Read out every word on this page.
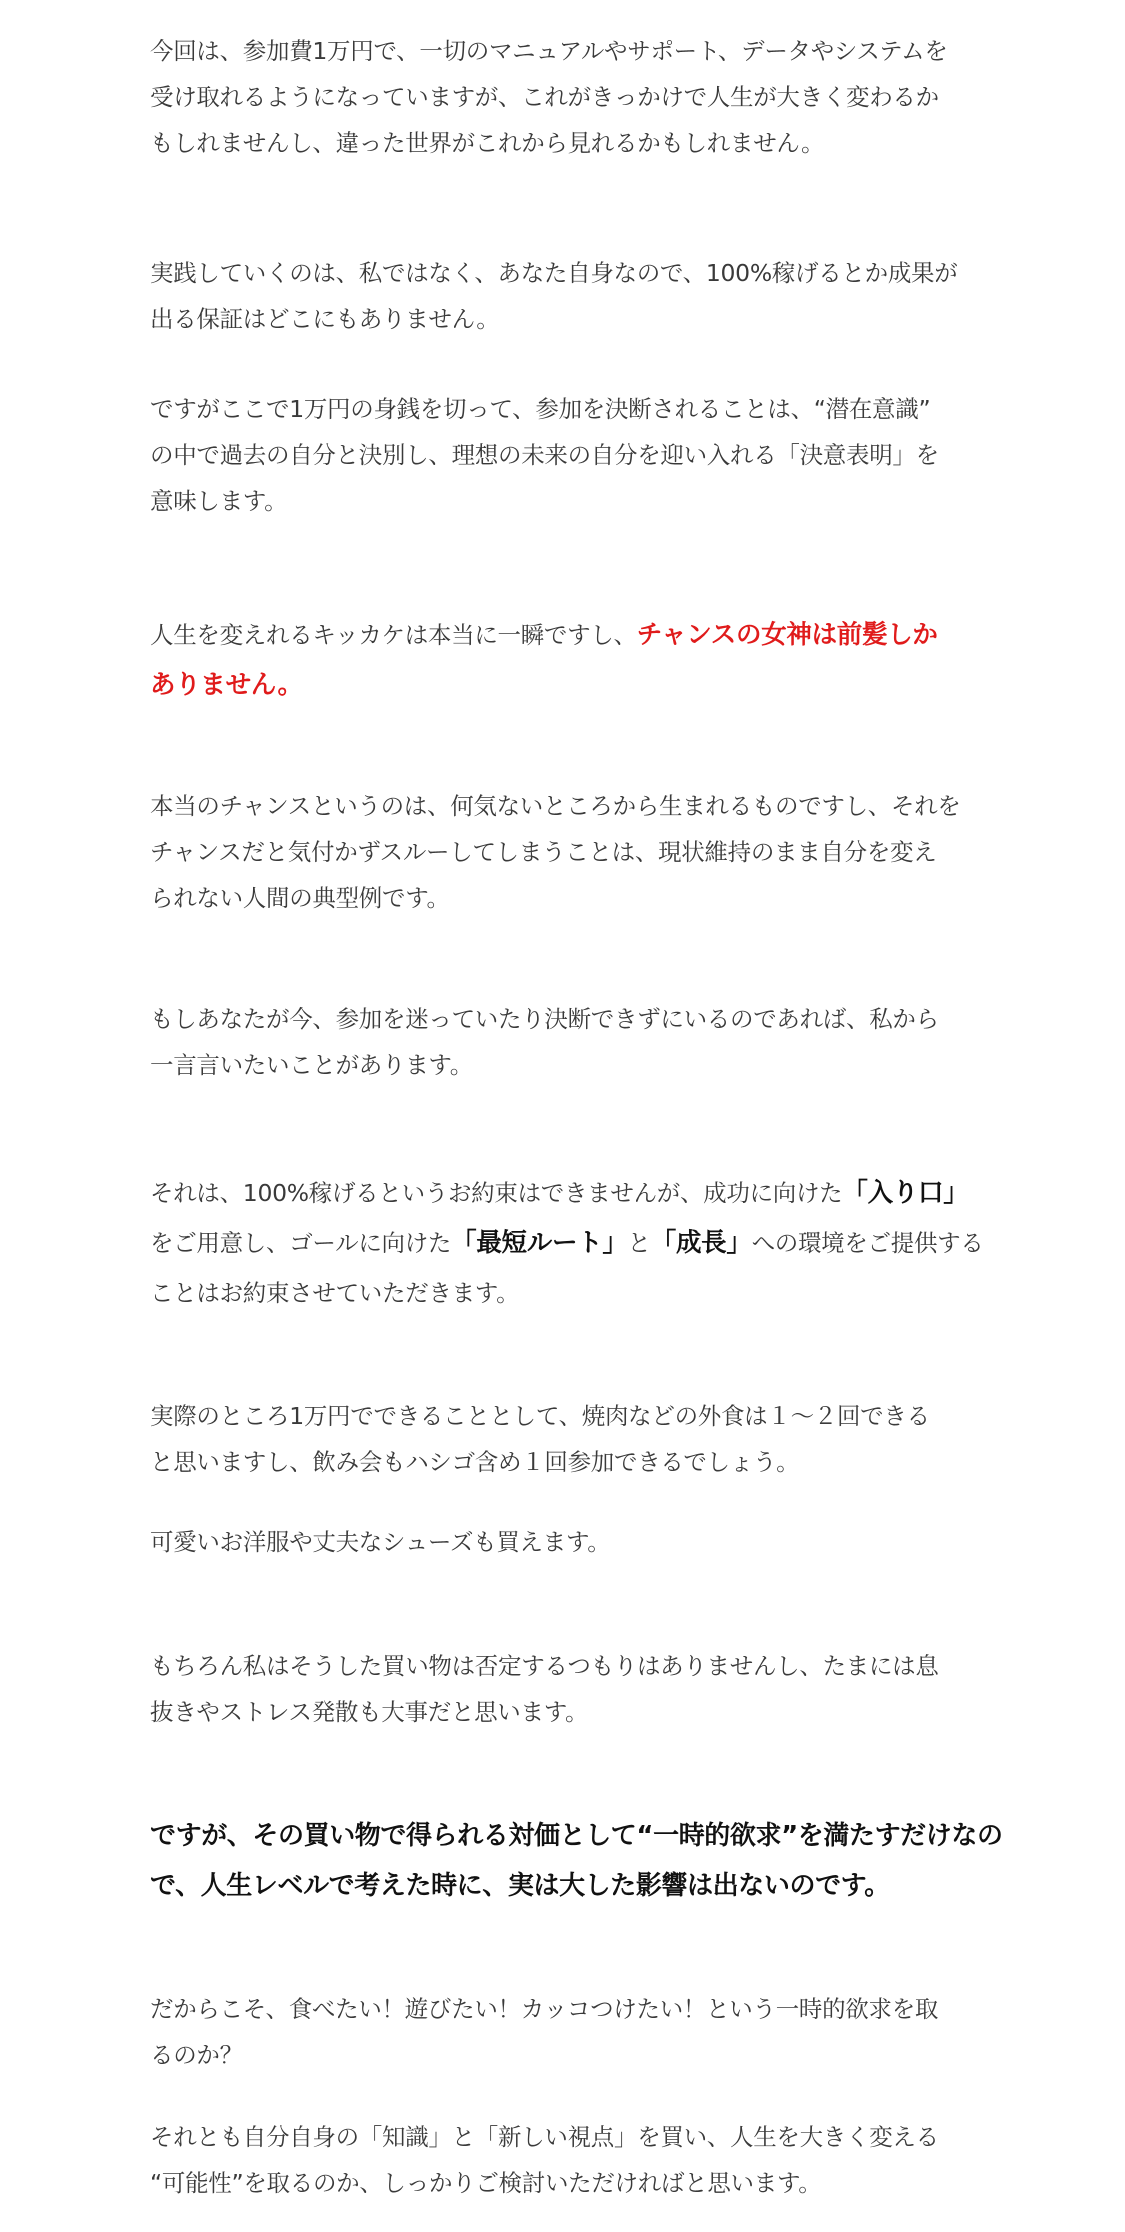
今回は、参加費1万円で、一切のマニュアルやサポート、データやシステムを
受け取れるようになっていますが、これがきっかけで人生が大きく変わるか
もしれませんし、違った世界がこれから見れるかもしれません。

実践していくのは、私ではなく、あなた自身なので、100%稼げるとか成果が
出る保証はどこにもありません。

ですがここで1万円の身銭を切って、参加を決断されることは、“潜在意識”
の中で過去の自分と決別し、理想の未来の自分を迎い入れる「決意表明」を
意味します。

人生を変えれるキッカケは本当に一瞬ですし、チャンスの女神は前髪しか
ありません。

本当のチャンスというのは、何気ないところから生まれるものですし、それを
チャンスだと気付かずスルーしてしまうことは、現状維持のまま自分を変え
られない人間の典型例です。

もしあなたが今、参加を迷っていたり決断できずにいるのであれば、私から
一言言いたいことがあります。

それは、100%稼げるというお約束はできませんが、成功に向けた「入り口」
をご用意し、ゴールに向けた「最短ルート」と「成長」への環境をご提供する
ことはお約束させていただきます。

実際のところ1万円でできることとして、焼肉などの外食は１～２回できる
と思いますし、飲み会もハシゴ含め１回参加できるでしょう。

可愛いお洋服や丈夫なシューズも買えます。

もちろん私はそうした買い物は否定するつもりはありませんし、たまには息
抜きやストレス発散も大事だと思います。

ですが、その買い物で得られる対価として“一時的欲求”を満たすだけなの
で、人生レベルで考えた時に、実は大した影響は出ないのです。

だからこそ、食べたい！遊びたい！カッコつけたい！という一時的欲求を取
るのか？

それとも自分自身の「知識」と「新しい視点」を買い、人生を大きく変える
“可能性”を取るのか、しっかりご検討いただければと思います。
